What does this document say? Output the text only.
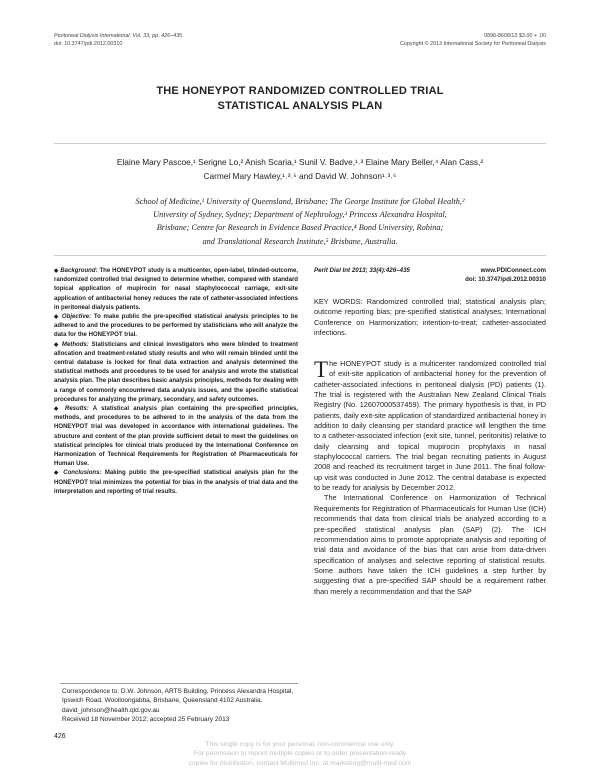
Peritoneal Dialysis International, Vol. 33, pp. 426–435
doi: 10.3747/pdi.2012.00310
0896-8608/13 $3.00 + .00
Copyright © 2013 International Society for Peritoneal Dialysis
THE HONEYPOT RANDOMIZED CONTROLLED TRIAL
STATISTICAL ANALYSIS PLAN
Elaine Mary Pascoe,¹ Serigne Lo,² Anish Scaria,¹ Sunil V. Badve,¹˒³ Elaine Mary Beller,⁴ Alan Cass,²
Carmel Mary Hawley,¹˒³˒⁵ and David W. Johnson¹˒³˒⁵
School of Medicine,¹ University of Queensland, Brisbane; The George Institute for Global Health,²
University of Sydney, Sydney; Department of Nephrology,³ Princess Alexandra Hospital,
Brisbane; Centre for Research in Evidence Based Practice,⁴ Bond University, Robina;
and Translational Research Institute,⁵ Brisbane, Australia.

◆ Background: The HONEYPOT study is a multicenter, open-label, blinded-outcome, randomized controlled trial designed to determine whether, compared with standard topical application of mupirocin for nasal staphylococcal carriage, exit-site application of antibacterial honey reduces the rate of catheter-associated infections in peritoneal dialysis patients.

◆ Objective: To make public the pre-specified statistical analysis principles to be adhered to and the procedures to be performed by statisticians who will analyze the data for the HONEYPOT trial.

◆ Methods: Statisticians and clinical investigators who were blinded to treatment allocation and treatment-related study results and who will remain blinded until the central database is locked for final data extraction and analysis determined the statistical methods and procedures to be used for analysis and wrote the statistical analysis plan. The plan describes basic analysis principles, methods for dealing with a range of commonly encountered data analysis issues, and the specific statistical procedures for analyzing the primary, secondary, and safety outcomes.

◆ Results: A statistical analysis plan containing the pre-specified principles, methods, and procedures to be adhered to in the analysis of the data from the HONEYPOT trial was developed in accordance with international guidelines. The structure and content of the plan provide sufficient detail to meet the guidelines on statistical principles for clinical trials produced by the International Conference on Harmonization of Technical Requirements for Registration of Pharmaceuticals for Human Use.

◆ Conclusions: Making public the pre-specified statistical analysis plan for the HONEYPOT trial minimizes the potential for bias in the analysis of trial data and the interpretation and reporting of trial results.

Correspondence to: D.W. Johnson, ARTS Building, Princess Alexandra Hospital, Ipswich Road, Woolloongabba, Brisbane, Queensland 4102 Australia.

david_johnson@health.qld.gov.au

Received 18 November 2012; accepted 25 February 2013

Perit Dial Int 2013; 33(4):426–435	www.PDIConnect.com
doi: 10.3747/pdi.2012.00310
KEY WORDS: Randomized controlled trial; statistical analysis plan; outcome reporting bias; pre-specified statistical analyses; International Conference on Harmonization; intention-to-treat; catheter-associated infections.

The HONEYPOT study is a multicenter randomized controlled trial of exit-site application of antibacterial honey for the prevention of catheter-associated infections in peritoneal dialysis (PD) patients (1). The trial is registered with the Australian New Zealand Clinical Trials Registry (No. 12607000537459). The primary hypothesis is that, in PD patients, daily exit-site application of standardized antibacterial honey in addition to daily cleansing per standard practice will lengthen the time to a catheter-associated infection (exit site, tunnel, peritonitis) relative to daily cleansing and topical mupirocin prophylaxis in nasal staphylococcal carriers. The trial began recruiting patients in August 2008 and reached its recruitment target in June 2011. The final follow-up visit was conducted in June 2012. The central database is expected to be ready for analysis by December 2012.

The International Conference on Harmonization of Technical Requirements for Registration of Pharmaceuticals for Human Use (ICH) recommends that data from clinical trials be analyzed according to a pre-specified statistical analysis plan (SAP) (2). The ICH recommendation aims to promote appropriate analysis and reporting of trial data and avoidance of the bias that can arise from data-driven specification of analyses and selective reporting of statistical results. Some authors have taken the ICH guidelines a step further by suggesting that a pre-specified SAP should be a requirement rather than merely a recommendation and that the SAP

426
This single copy is for your personal, non-commercial use only.
For permission to reprint multiple copies or to order presentation-ready
copies for distribution, contact Multimed Inc. at marketing@multi-med.com
